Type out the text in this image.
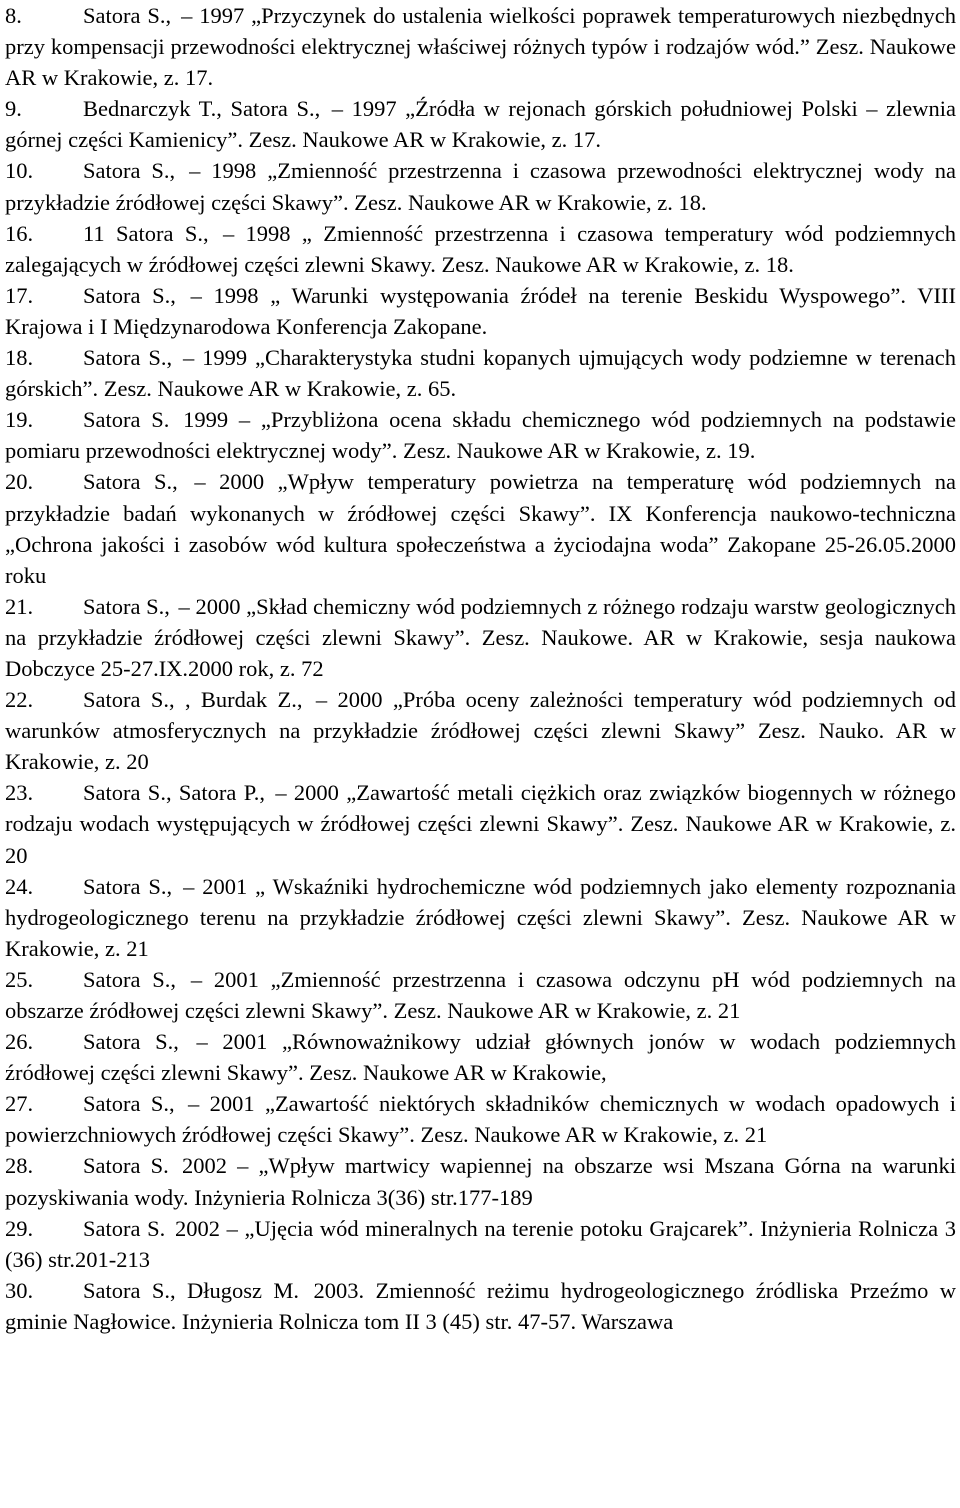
8.	Satora S., – 1997 „Przyczynek do ustalenia wielkości poprawek temperaturowych niezbędnych przy kompensacji przewodności elektrycznej właściwej różnych typów i rodzajów wód.” Zesz. Naukowe AR w Krakowie, z. 17.

9.	Bednarczyk T., Satora S., – 1997 „Źródła w rejonach górskich południowej Polski – zlewnia górnej części Kamienicy”. Zesz. Naukowe AR w Krakowie, z. 17.

10. Satora S., – 1998 „Zmienność przestrzenna i czasowa przewodności elektrycznej wody na przykładzie źródłowej części Skawy”. Zesz. Naukowe AR w Krakowie, z. 18.

16. 11 Satora S., – 1998 „ Zmienność przestrzenna i czasowa temperatury wód podziemnych zalegających w źródłowej części zlewni Skawy. Zesz. Naukowe AR w Krakowie, z. 18.

17. Satora S., – 1998 „ Warunki występowania źródeł na terenie Beskidu Wyspowego”. VIII Krajowa i I Międzynarodowa Konferencja Zakopane.

18. Satora S., – 1999 „Charakterystyka studni kopanych ujmujących wody podziemne w terenach górskich”. Zesz. Naukowe AR w Krakowie, z. 65.

19. Satora S. 1999 – „Przybliżona ocena składu chemicznego wód podziemnych na podstawie pomiaru przewodności elektrycznej wody”. Zesz. Naukowe AR w Krakowie, z. 19.

20. Satora S., – 2000 „Wpływ temperatury powietrza na temperaturę wód podziemnych na przykładzie badań wykonanych w źródłowej części Skawy”. IX Konferencja naukowo-techniczna „Ochrona jakości i zasobów wód kultura społeczeństwa a życiodajna woda” Zakopane 25-26.05.2000 roku

21. Satora S., – 2000 „Skład chemiczny wód podziemnych z różnego rodzaju warstw geologicznych na przykładzie źródłowej części zlewni Skawy”. Zesz. Naukowe. AR w Krakowie, sesja naukowa Dobczyce 25-27.IX.2000 rok, z. 72

22. Satora S., , Burdak Z., – 2000 „Próba oceny zależności temperatury wód podziemnych od warunków atmosferycznych na przykładzie źródłowej części zlewni Skawy” Zesz. Nauko. AR w Krakowie, z. 20

23. Satora S., Satora P., – 2000 „Zawartość metali ciężkich oraz związków biogennych w różnego rodzaju wodach występujących w źródłowej części zlewni Skawy”. Zesz. Naukowe AR w Krakowie, z. 20

24. Satora S., – 2001 „ Wskaźniki hydrochemiczne wód podziemnych jako elementy rozpoznania hydrogeologicznego terenu na przykładzie źródłowej części zlewni Skawy”. Zesz. Naukowe AR w Krakowie, z. 21

25. Satora S., – 2001 „Zmienność przestrzenna i czasowa odczynu pH wód podziemnych na obszarze źródłowej części zlewni Skawy”. Zesz. Naukowe AR w Krakowie, z. 21

26. Satora S., – 2001 „Równoważnikowy udział głównych jonów w wodach podziemnych źródłowej części zlewni Skawy”. Zesz. Naukowe AR w Krakowie,

27. Satora S., – 2001 „Zawartość niektórych składników chemicznych w wodach opadowych i powierzchniowych źródłowej części Skawy”. Zesz. Naukowe AR w Krakowie, z. 21

28. Satora S. 2002 – „Wpływ martwicy wapiennej na obszarze wsi Mszana Górna na warunki pozyskiwania wody. Inżynieria Rolnicza 3(36) str.177-189

29. Satora S. 2002 – „Ujęcia wód mineralnych na terenie potoku Grajcarek”. Inżynieria Rolnicza 3 (36) str.201-213

30. Satora S., Długosz M. 2003. Zmienność reżimu hydrogeologicznego źródliska Przeźmo w gminie Nagłowice. Inżynieria Rolnicza tom II 3 (45) str. 47-57. Warszawa
